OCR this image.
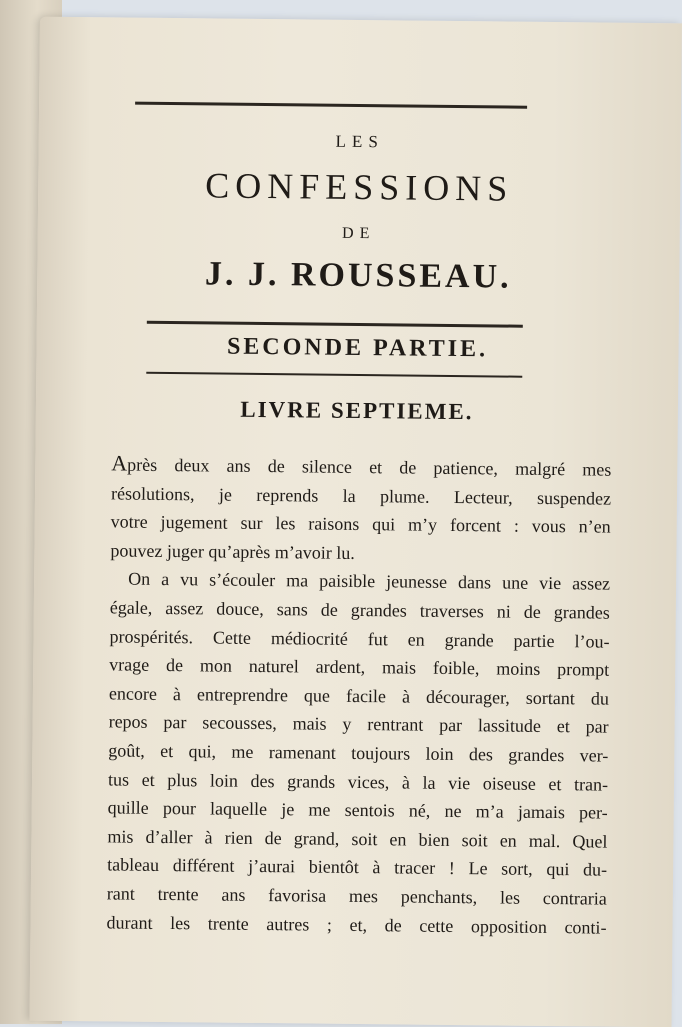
LES
CONFESSIONS
DE
J. J. ROUSSEAU.
SECONDE PARTIE.
LIVRE SEPTIEME.
Après deux ans de silence et de patience, malgré mes
résolutions, je reprends la plume. Lecteur, suspendez
votre jugement sur les raisons qui m’y forcent : vous n’en
pouvez juger qu’après m’avoir lu.
On a vu s’écouler ma paisible jeunesse dans une vie assez
égale, assez douce, sans de grandes traverses ni de grandes
prospérités. Cette médiocrité fut en grande partie l’ou-
vrage de mon naturel ardent, mais foible, moins prompt
encore à entreprendre que facile à décourager, sortant du
repos par secousses, mais y rentrant par lassitude et par
goût, et qui, me ramenant toujours loin des grandes ver-
tus et plus loin des grands vices, à la vie oiseuse et tran-
quille pour laquelle je me sentois né, ne m’a jamais per-
mis d’aller à rien de grand, soit en bien soit en mal. Quel
tableau différent j’aurai bientôt à tracer ! Le sort, qui du-
rant trente ans favorisa mes penchants, les contraria
durant les trente autres ; et, de cette opposition conti-
